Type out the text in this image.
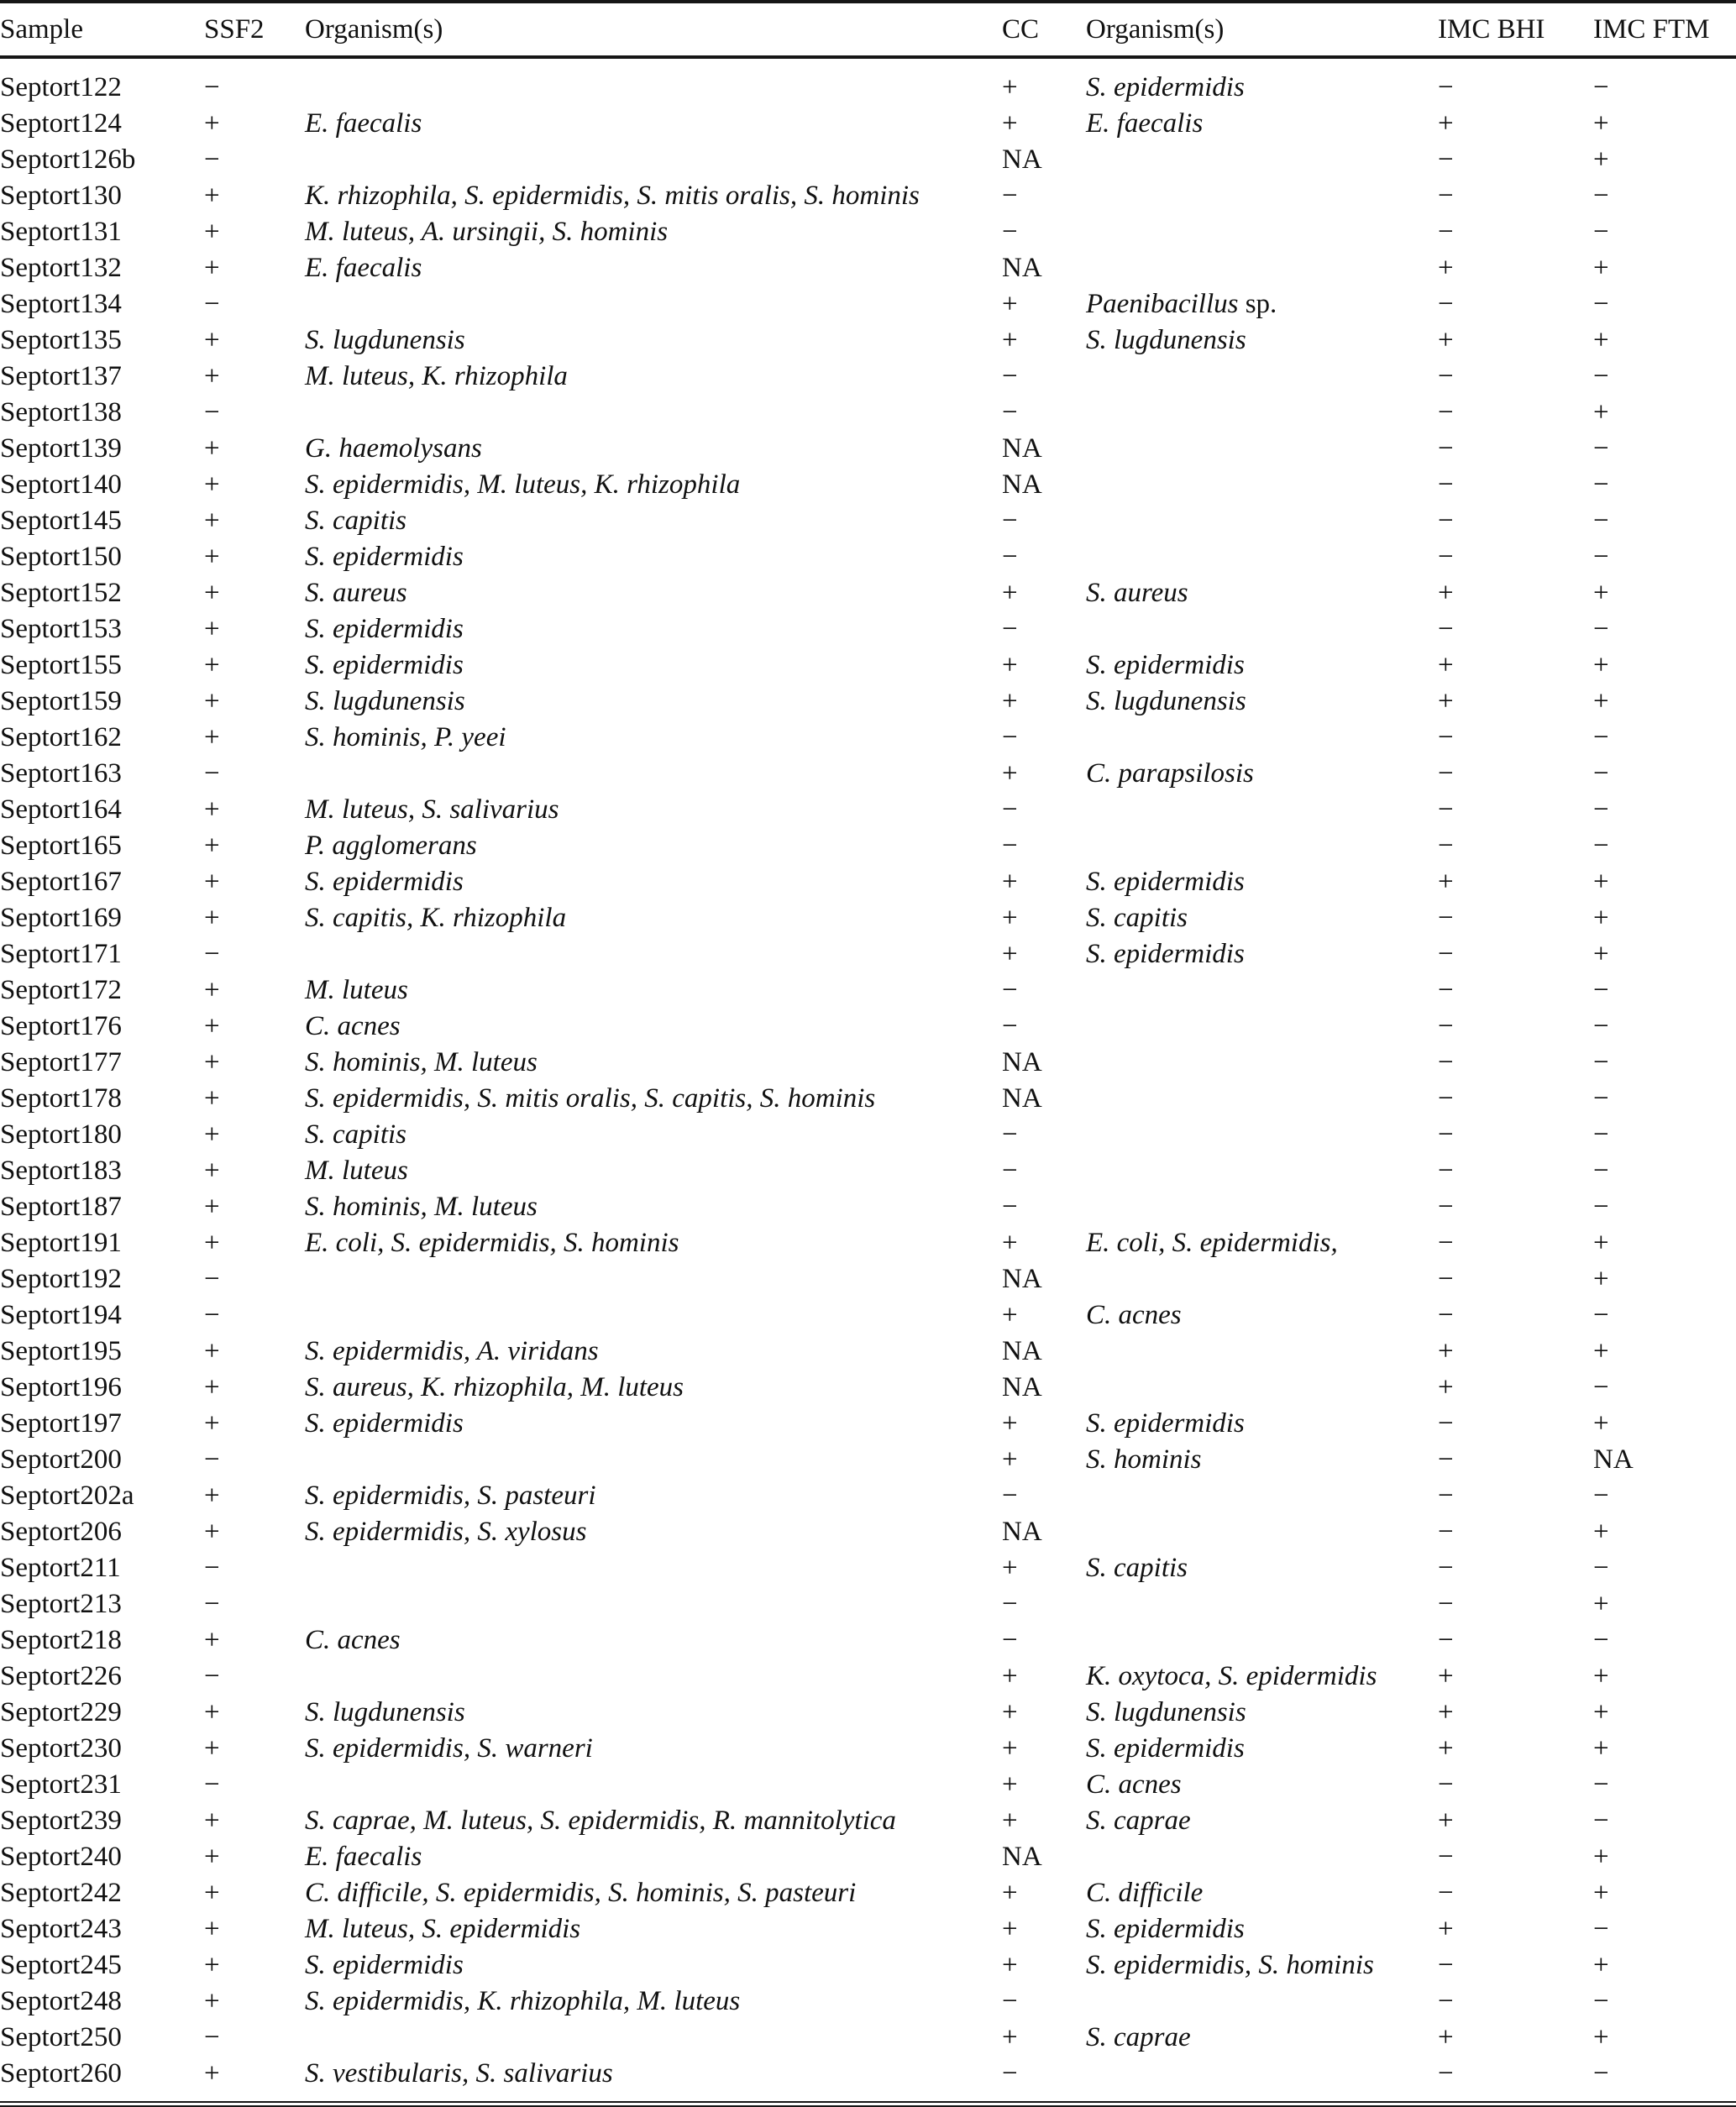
Sample	SSF2	Organism(s)	CC	Organism(s)	IMC BHI	IMC FTM
Septort122	−		+	S. epidermidis	−	−
Septort124	+	E. faecalis	+	E. faecalis	+	+
Septort126b	−		NA		−	+
Septort130	+	K. rhizophila, S. epidermidis, S. mitis oralis, S. hominis	−		−	−
Septort131	+	M. luteus, A. ursingii, S. hominis	−		−	−
Septort132	+	E. faecalis	NA		+	+
Septort134	−		+	Paenibacillus sp.	−	−
Septort135	+	S. lugdunensis	+	S. lugdunensis	+	+
Septort137	+	M. luteus, K. rhizophila	−		−	−
Septort138	−		−		−	+
Septort139	+	G. haemolysans	NA		−	−
Septort140	+	S. epidermidis, M. luteus, K. rhizophila	NA		−	−
Septort145	+	S. capitis	−		−	−
Septort150	+	S. epidermidis	−		−	−
Septort152	+	S. aureus	+	S. aureus	+	+
Septort153	+	S. epidermidis	−		−	−
Septort155	+	S. epidermidis	+	S. epidermidis	+	+
Septort159	+	S. lugdunensis	+	S. lugdunensis	+	+
Septort162	+	S. hominis, P. yeei	−		−	−
Septort163	−		+	C. parapsilosis	−	−
Septort164	+	M. luteus, S. salivarius	−		−	−
Septort165	+	P. agglomerans	−		−	−
Septort167	+	S. epidermidis	+	S. epidermidis	+	+
Septort169	+	S. capitis, K. rhizophila	+	S. capitis	−	+
Septort171	−		+	S. epidermidis	−	+
Septort172	+	M. luteus	−		−	−
Septort176	+	C. acnes	−		−	−
Septort177	+	S. hominis, M. luteus	NA		−	−
Septort178	+	S. epidermidis, S. mitis oralis, S. capitis, S. hominis	NA		−	−
Septort180	+	S. capitis	−		−	−
Septort183	+	M. luteus	−		−	−
Septort187	+	S. hominis, M. luteus	−		−	−
Septort191	+	E. coli, S. epidermidis, S. hominis	+	E. coli, S. epidermidis,	−	+
Septort192	−		NA		−	+
Septort194	−		+	C. acnes	−	−
Septort195	+	S. epidermidis, A. viridans	NA		+	+
Septort196	+	S. aureus, K. rhizophila, M. luteus	NA		+	−
Septort197	+	S. epidermidis	+	S. epidermidis	−	+
Septort200	−		+	S. hominis	−	NA
Septort202a	+	S. epidermidis, S. pasteuri	−		−	−
Septort206	+	S. epidermidis, S. xylosus	NA		−	+
Septort211	−		+	S. capitis	−	−
Septort213	−		−		−	+
Septort218	+	C. acnes	−		−	−
Septort226	−		+	K. oxytoca, S. epidermidis	+	+
Septort229	+	S. lugdunensis	+	S. lugdunensis	+	+
Septort230	+	S. epidermidis, S. warneri	+	S. epidermidis	+	+
Septort231	−		+	C. acnes	−	−
Septort239	+	S. caprae, M. luteus, S. epidermidis, R. mannitolytica	+	S. caprae	+	−
Septort240	+	E. faecalis	NA		−	+
Septort242	+	C. difficile, S. epidermidis, S. hominis, S. pasteuri	+	C. difficile	−	+
Septort243	+	M. luteus, S. epidermidis	+	S. epidermidis	+	−
Septort245	+	S. epidermidis	+	S. epidermidis, S. hominis	−	+
Septort248	+	S. epidermidis, K. rhizophila, M. luteus	−		−	−
Septort250	−		+	S. caprae	+	+
Septort260	+	S. vestibularis, S. salivarius	−		−	−
